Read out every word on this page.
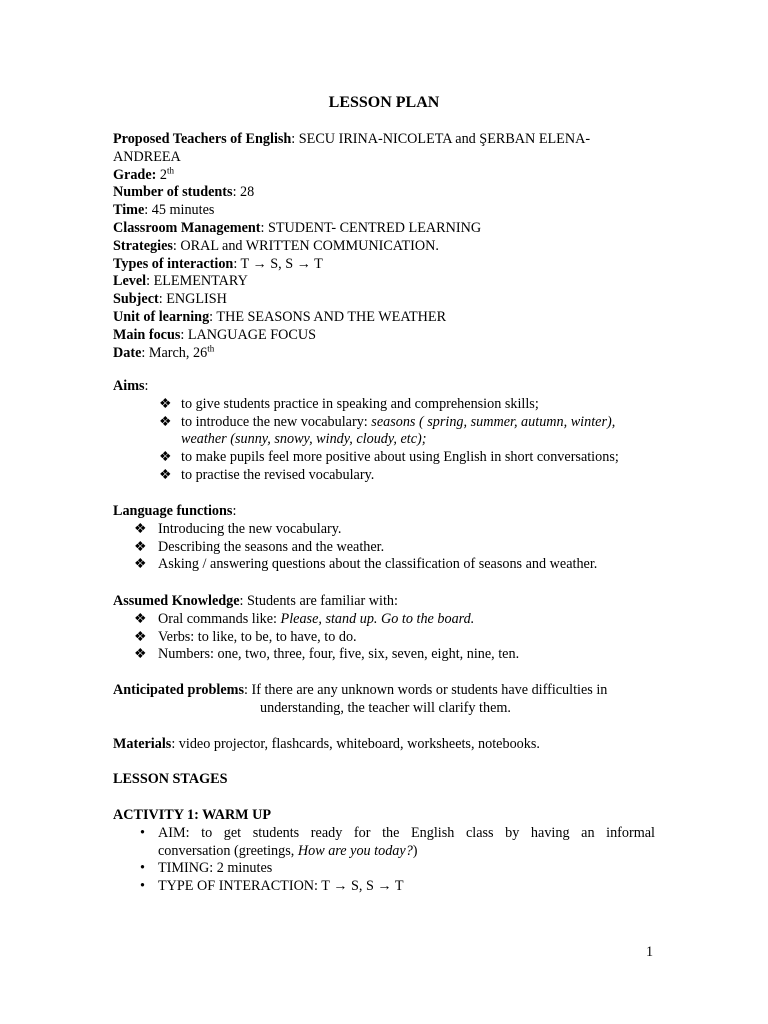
LESSON PLAN
Proposed Teachers of English: SECU IRINA-NICOLETA and ŞERBAN ELENA-
ANDREEA
Grade: 2th
Number of students: 28
Time: 45 minutes
Classroom Management: STUDENT- CENTRED LEARNING
Strategies: ORAL and WRITTEN COMMUNICATION.
Types of interaction: T → S, S → T
Level: ELEMENTARY
Subject: ENGLISH
Unit of learning: THE SEASONS AND THE WEATHER
Main focus: LANGUAGE FOCUS
Date: March, 26th
Aims:
❖ to give students practice in speaking and comprehension skills;
❖ to introduce the new vocabulary: seasons ( spring, summer, autumn, winter),
weather (sunny, snowy, windy, cloudy, etc);
❖ to make pupils feel more positive about using English in short conversations;
❖ to practise the revised vocabulary.
Language functions:
❖ Introducing the new vocabulary.
❖ Describing the seasons and the weather.
❖ Asking / answering questions about the classification of seasons and weather.
Assumed Knowledge: Students are familiar with:
❖ Oral commands like: Please, stand up. Go to the board.
❖ Verbs: to like, to be, to have, to do.
❖ Numbers: one, two, three, four, five, six, seven, eight, nine, ten.
Anticipated problems: If there are any unknown words or students have difficulties in
understanding, the teacher will clarify them.
Materials: video projector, flashcards, whiteboard, worksheets, notebooks.
LESSON STAGES
ACTIVITY 1: WARM UP
• AIM: to get students ready for the English class by having an informal
conversation (greetings, How are you today?)
• TIMING: 2 minutes
• TYPE OF INTERACTION: T → S, S → T
1
